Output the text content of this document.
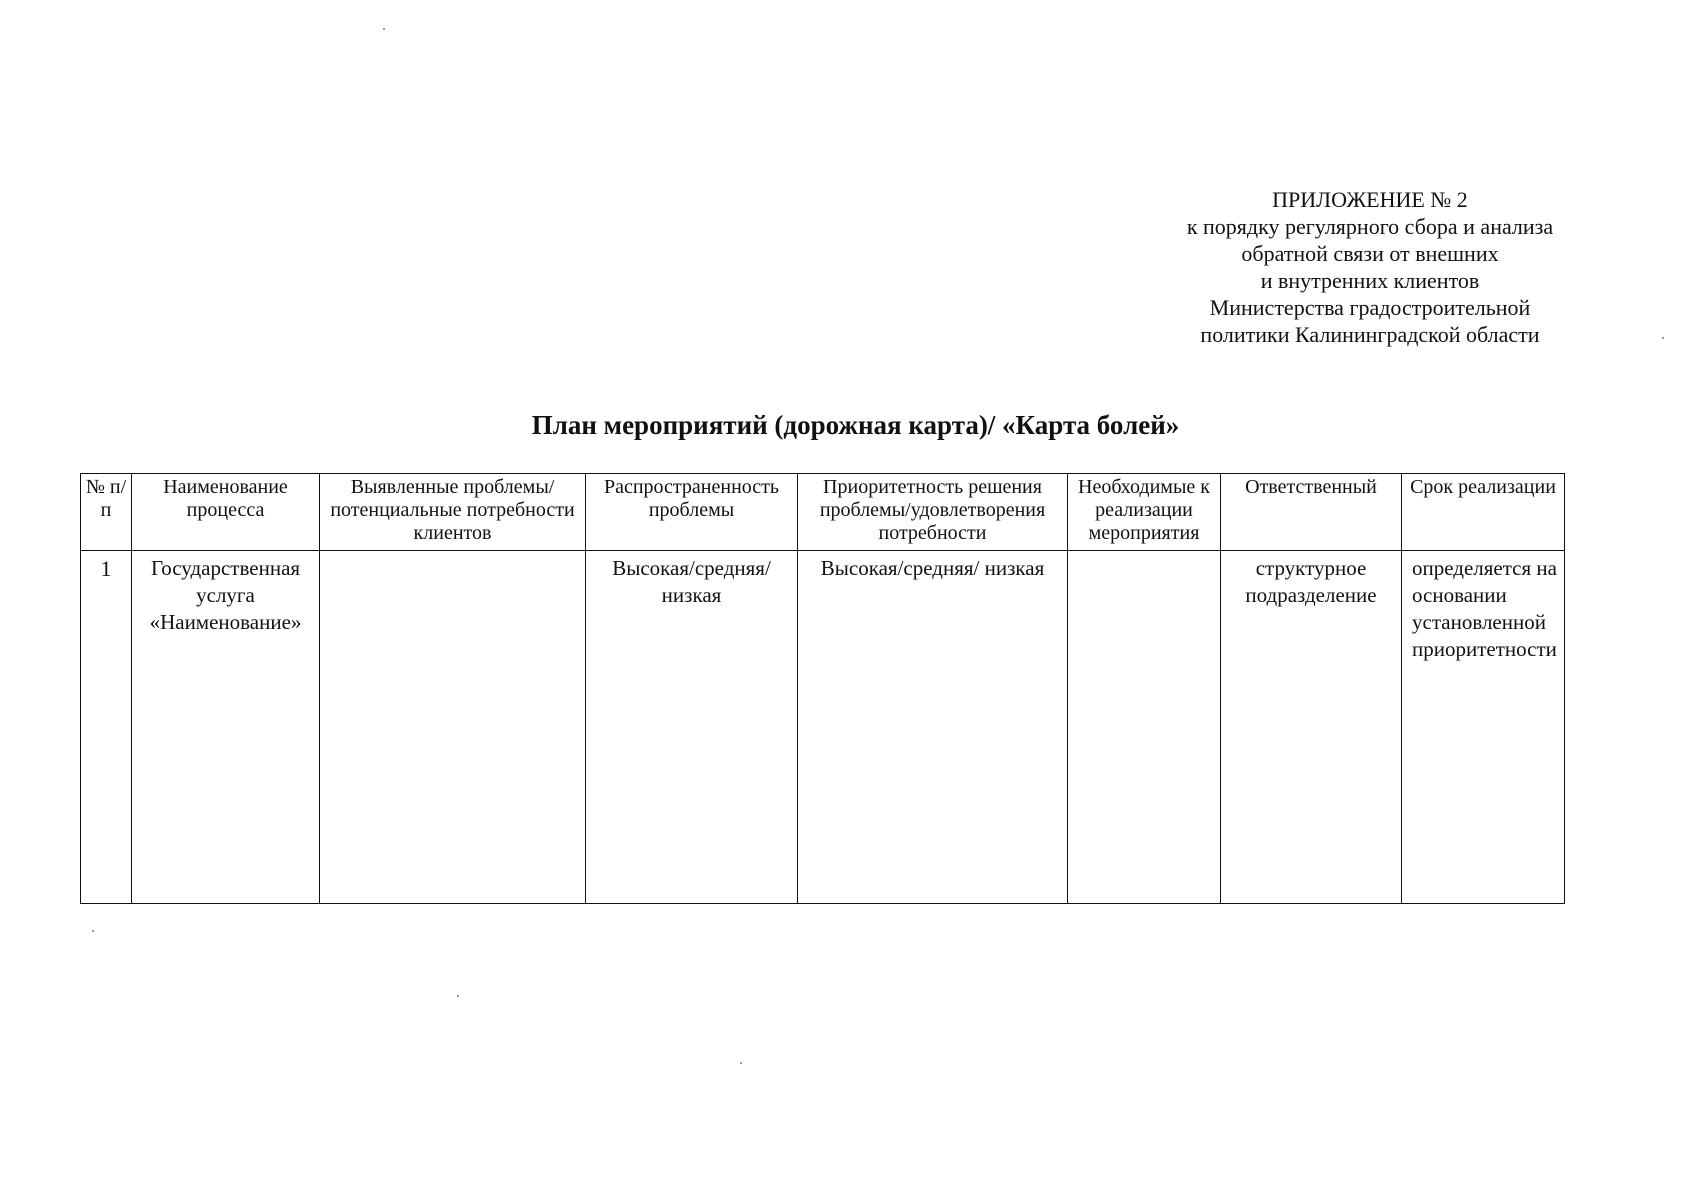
ПРИЛОЖЕНИЕ № 2
к порядку регулярного сбора и анализа
обратной связи от внешних
и внутренних клиентов
Министерства градостроительной
политики Калининградской области
План мероприятий (дорожная карта)/ «Карта болей»
№ п/ п	Наименование процесса	Выявленные проблемы/потенциальные потребности клиентов	Распространенность проблемы	Приоритетность решения проблемы/удовлетворения потребности	Необходимые к реализации мероприятия	Ответственный	Срок реализации
1	Государственная услуга «Наименование»		Высокая/средняя/ низкая	Высокая/средняя/ низкая		структурное подразделение	определяется на основании установленной приоритетности
